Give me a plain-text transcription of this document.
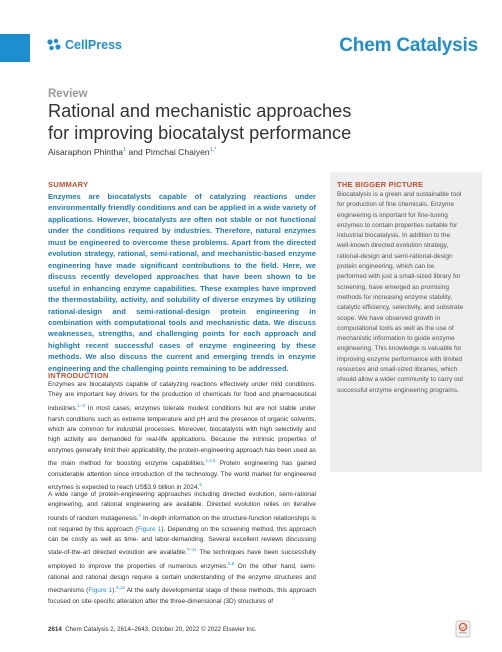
CellPress	Chem Catalysis
Review
Rational and mechanistic approaches
for improving biocatalyst performance
Aisaraphon Phintha$^1$ and Pimchai Chaiyen$^{1,*}$
SUMMARY
Enzymes are biocatalysts capable of catalyzing reactions under environmentally friendly conditions and can be applied in a wide variety of applications. However, biocatalysts are often not stable or not functional under the conditions required by industries. Therefore, natural enzymes must be engineered to overcome these problems. Apart from the directed evolution strategy, rational, semi-rational, and mechanistic-based enzyme engineering have made significant contributions to the field. Here, we discuss recently developed approaches that have been shown to be useful in enhancing enzyme capabilities. These examples have improved the thermostability, activity, and solubility of diverse enzymes by utilizing rational-design and semi-rational-design protein engineering in combination with computational tools and mechanistic data. We discuss weaknesses, strengths, and challenging points for each approach and highlight recent successful cases of enzyme engineering by these methods. We also discuss the current and emerging trends in enzyme engineering and the challenging points remaining to be addressed.
THE BIGGER PICTURE
Biocatalysis is a green and sustainable tool for production of fine chemicals. Enzyme engineering is important for fine-tuning enzymes to contain properties suitable for industrial biocatalysis. In addition to the well-known directed evolution strategy, rational-design and semi-rational-design protein engineering, which can be performed with just a small-sized library for screening, have emerged as promising methods for increasing enzyme stability, catalytic efficiency, selectivity, and substrate scope. We have observed growth in computational tools as well as the use of mechanistic information to guide enzyme engineering. This knowledge is valuable for improving enzyme performance with limited resources and small-sized libraries, which should allow a wider community to carry out successful enzyme engineering programs.
INTRODUCTION
Enzymes are biocatalysts capable of catalyzing reactions effectively under mild conditions. They are important key drivers for the production of chemicals for food and pharmaceutical industries.$^{1-3}$ In most cases, enzymes tolerate modest conditions but are not stable under harsh conditions such as extreme temperature and pH and the presence of organic solvents, which are common for industrial processes. Moreover, biocatalysts with high selectivity and high activity are demanded for real-life applications. Because the intrinsic properties of enzymes generally limit their applicability, the protein-engineering approach has been used as the main method for boosting enzyme capabilities.$^{1,4,5}$ Protein engineering has gained considerable attention since introduction of the technology. The world market for engineered enzymes is expected to reach US$3.9 billion in 2024.$^6$
A wide range of protein-engineering approaches including directed evolution, semi-rational engineering, and rational engineering are available. Directed evolution relies on iterative rounds of random mutagenesis.$^7$ In-depth information on the structure-function relationships is not required by this approach (Figure 1). Depending on the screening method, this approach can be costly as well as time- and labor-demanding. Several excellent reviews discussing state-of-the-art directed evolution are available.$^{7-11}$ The techniques have been successfully employed to improve the properties of numerous enzymes.$^{5,8}$ On the other hand, semi-rational and rational design require a certain understanding of the enzyme structures and mechanisms (Figure 1).$^{4,12}$ At the early developmental stage of these methods, this approach focused on site-specific alteration after the three-dimensional (3D) structures of
2614 Chem Catalysis 2, 2614–2643, October 20, 2022 © 2022 Elsevier Inc.
